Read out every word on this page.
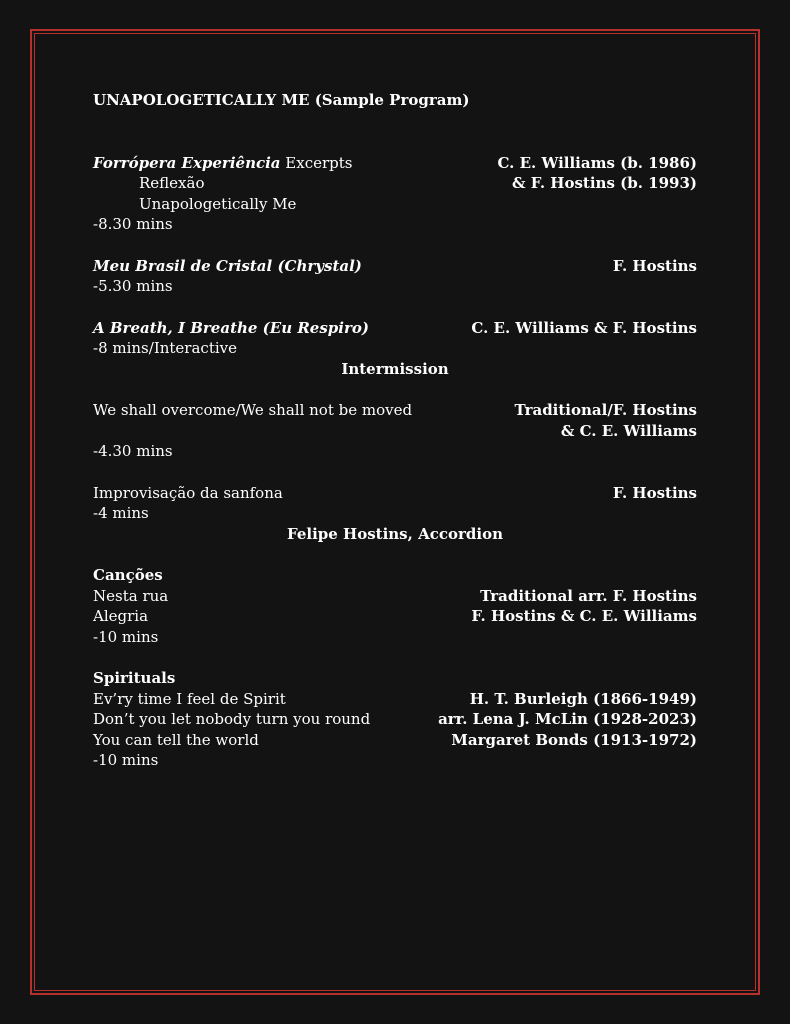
UNAPOLOGETICALLY ME (Sample Program)
Forrópera Experiência Excerpts	C. E. Williams (b. 1986)
Reflexão	& F. Hostins (b. 1993)
Unapologetically Me
-8.30 mins
Meu Brasil de Cristal (Chrystal)	F. Hostins
-5.30 mins
A Breath, I Breathe (Eu Respiro)	C. E. Williams & F. Hostins
-8 mins/Interactive
Intermission
We shall overcome/We shall not be moved	Traditional/F. Hostins
& C. E. Williams
-4.30 mins
Improvisação da sanfona	F. Hostins
-4 mins
Felipe Hostins, Accordion
Canções
Nesta rua	Traditional arr. F. Hostins
Alegria	F. Hostins & C. E. Williams
-10 mins
Spirituals
Ev’ry time I feel de Spirit	H. T. Burleigh (1866-1949)
Don’t you let nobody turn you round	arr. Lena J. McLin (1928-2023)
You can tell the world	Margaret Bonds (1913-1972)
-10 mins
